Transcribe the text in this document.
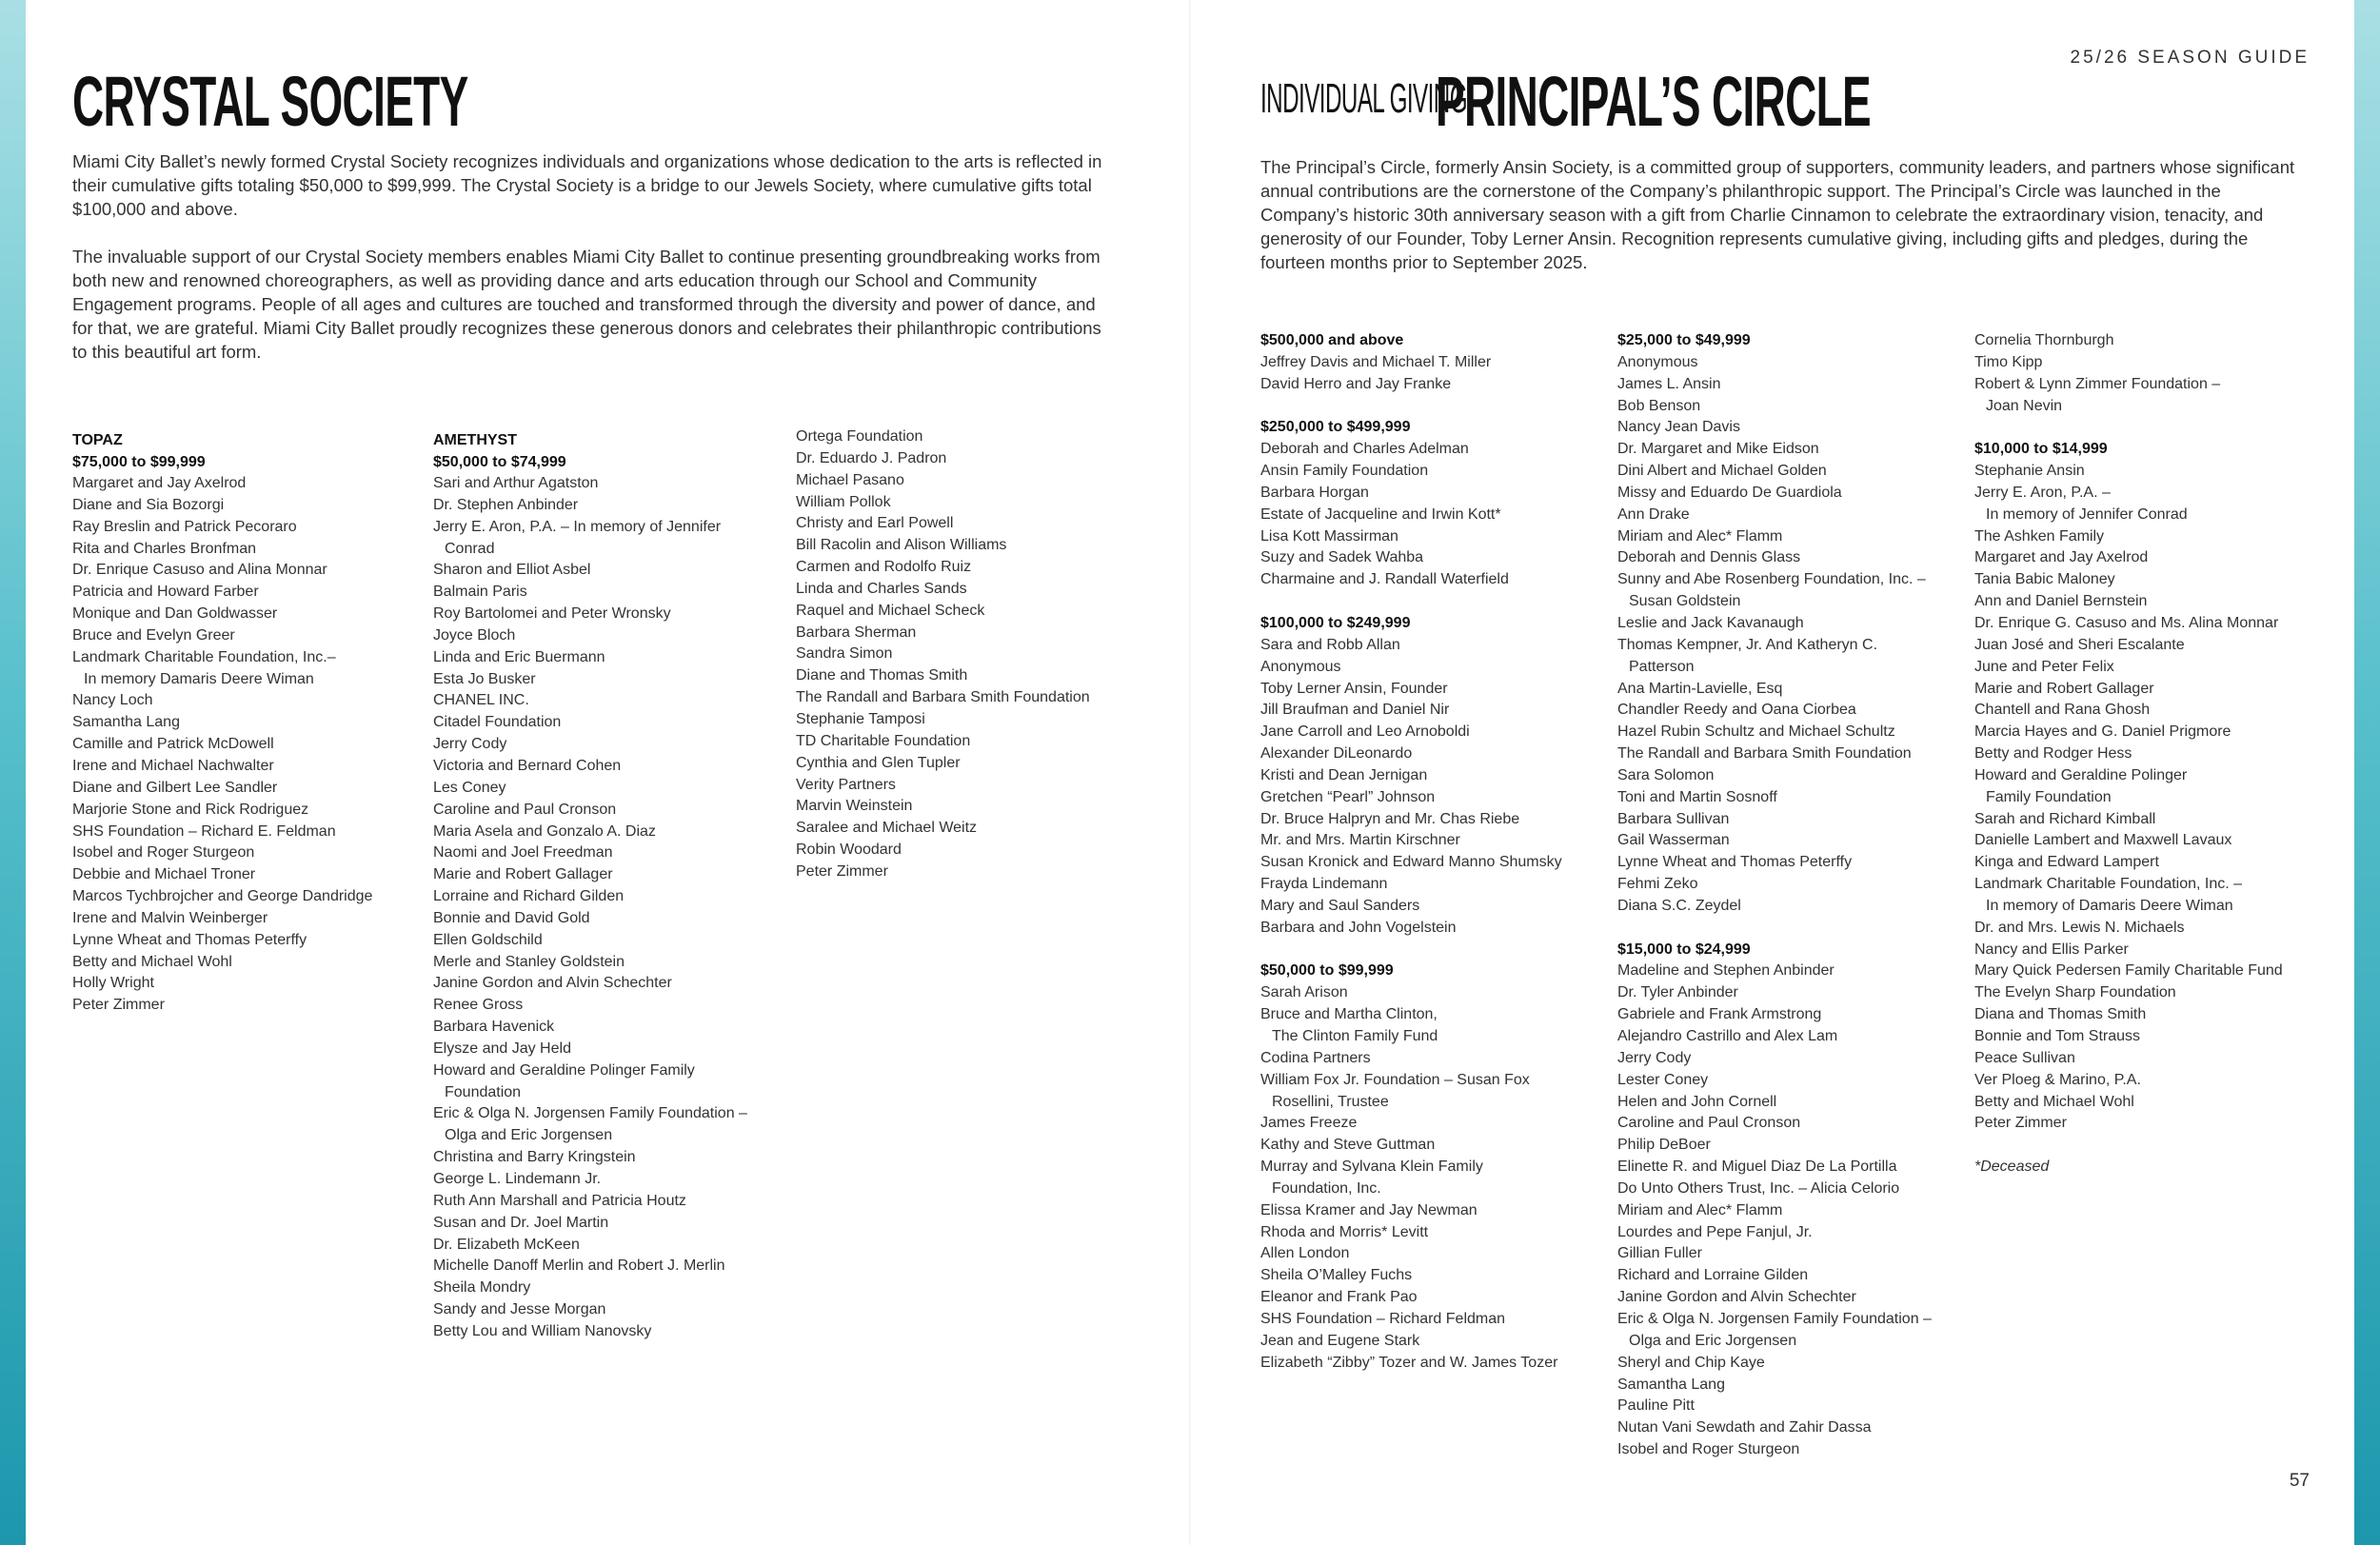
25/26 SEASON GUIDE
57
CRYSTAL SOCIETY

Miami City Ballet’s newly formed Crystal Society recognizes individuals and organizations whose dedication to the arts is reflected in their cumulative gifts totaling $50,000 to $99,999. The Crystal Society is a bridge to our Jewels Society, where cumulative gifts total $100,000 and above.

The invaluable support of our Crystal Society members enables Miami City Ballet to continue presenting groundbreaking works from both new and renowned choreographers, as well as providing dance and arts education through our School and Community Engagement programs. People of all ages and cultures are touched and transformed through the diversity and power of dance, and for that, we are grateful. Miami City Ballet proudly recognizes these generous donors and celebrates their philanthropic contributions to this beautiful art form.

TOPAZ
$75,000 to $99,999
Margaret and Jay Axelrod
Diane and Sia Bozorgi
Ray Breslin and Patrick Pecoraro
Rita and Charles Bronfman
Dr. Enrique Casuso and Alina Monnar
Patricia and Howard Farber
Monique and Dan Goldwasser
Bruce and Evelyn Greer
Landmark Charitable Foundation, Inc.–
In memory Damaris Deere Wiman
Nancy Loch
Samantha Lang
Camille and Patrick McDowell
Irene and Michael Nachwalter
Diane and Gilbert Lee Sandler
Marjorie Stone and Rick Rodriguez
SHS Foundation – Richard E. Feldman
Isobel and Roger Sturgeon
Debbie and Michael Troner
Marcos Tychbrojcher and George Dandridge
Irene and Malvin Weinberger
Lynne Wheat and Thomas Peterffy
Betty and Michael Wohl
Holly Wright
Peter Zimmer
AMETHYST
$50,000 to $74,999
Sari and Arthur Agatston
Dr. Stephen Anbinder
Jerry E. Aron, P.A. – In memory of Jennifer
Conrad
Sharon and Elliot Asbel
Balmain Paris
Roy Bartolomei and Peter Wronsky
Joyce Bloch
Linda and Eric Buermann
Esta Jo Busker
CHANEL INC.
Citadel Foundation
Jerry Cody
Victoria and Bernard Cohen
Les Coney
Caroline and Paul Cronson
Maria Asela and Gonzalo A. Diaz
Naomi and Joel Freedman
Marie and Robert Gallager
Lorraine and Richard Gilden
Bonnie and David Gold
Ellen Goldschild
Merle and Stanley Goldstein
Janine Gordon and Alvin Schechter
Renee Gross
Barbara Havenick
Elysze and Jay Held
Howard and Geraldine Polinger Family
Foundation
Eric & Olga N. Jorgensen Family Foundation –
Olga and Eric Jorgensen
Christina and Barry Kringstein
George L. Lindemann Jr.
Ruth Ann Marshall and Patricia Houtz
Susan and Dr. Joel Martin
Dr. Elizabeth McKeen
Michelle Danoff Merlin and Robert J. Merlin
Sheila Mondry
Sandy and Jesse Morgan
Betty Lou and William Nanovsky
Ortega Foundation
Dr. Eduardo J. Padron
Michael Pasano
William Pollok
Christy and Earl Powell
Bill Racolin and Alison Williams
Carmen and Rodolfo Ruiz
Linda and Charles Sands
Raquel and Michael Scheck
Barbara Sherman
Sandra Simon
Diane and Thomas Smith
The Randall and Barbara Smith Foundation
Stephanie Tamposi
TD Charitable Foundation
Cynthia and Glen Tupler
Verity Partners
Marvin Weinstein
Saralee and Michael Weitz
Robin Woodard
Peter Zimmer
INDIVIDUAL GIVING
PRINCIPAL’S CIRCLE

The Principal’s Circle, formerly Ansin Society, is a committed group of supporters, community leaders, and partners whose significant annual contributions are the cornerstone of the Company’s philanthropic support. The Principal’s Circle was launched in the Company’s historic 30th anniversary season with a gift from Charlie Cinnamon to celebrate the extraordinary vision, tenacity, and generosity of our Founder, Toby Lerner Ansin. Recognition represents cumulative giving, including gifts and pledges, during the fourteen months prior to September 2025.

$500,000 and above
Jeffrey Davis and Michael T. Miller
David Herro and Jay Franke
$250,000 to $499,999
Deborah and Charles Adelman
Ansin Family Foundation
Barbara Horgan
Estate of Jacqueline and Irwin Kott*
Lisa Kott Massirman
Suzy and Sadek Wahba
Charmaine and J. Randall Waterfield
$100,000 to $249,999
Sara and Robb Allan
Anonymous
Toby Lerner Ansin, Founder
Jill Braufman and Daniel Nir
Jane Carroll and Leo Arnoboldi
Alexander DiLeonardo
Kristi and Dean Jernigan
Gretchen “Pearl” Johnson
Dr. Bruce Halpryn and Mr. Chas Riebe
Mr. and Mrs. Martin Kirschner
Susan Kronick and Edward Manno Shumsky
Frayda Lindemann
Mary and Saul Sanders
Barbara and John Vogelstein
$50,000 to $99,999
Sarah Arison
Bruce and Martha Clinton,
The Clinton Family Fund
Codina Partners
William Fox Jr. Foundation – Susan Fox
Rosellini, Trustee
James Freeze
Kathy and Steve Guttman
Murray and Sylvana Klein Family
Foundation, Inc.
Elissa Kramer and Jay Newman
Rhoda and Morris* Levitt
Allen London
Sheila O’Malley Fuchs
Eleanor and Frank Pao
SHS Foundation – Richard Feldman
Jean and Eugene Stark
Elizabeth “Zibby” Tozer and W. James Tozer
$25,000 to $49,999
Anonymous
James L. Ansin
Bob Benson
Nancy Jean Davis
Dr. Margaret and Mike Eidson
Dini Albert and Michael Golden
Missy and Eduardo De Guardiola
Ann Drake
Miriam and Alec* Flamm
Deborah and Dennis Glass
Sunny and Abe Rosenberg Foundation, Inc. –
Susan Goldstein
Leslie and Jack Kavanaugh
Thomas Kempner, Jr. And Katheryn C.
Patterson
Ana Martin-Lavielle, Esq
Chandler Reedy and Oana Ciorbea
Hazel Rubin Schultz and Michael Schultz
The Randall and Barbara Smith Foundation
Sara Solomon
Toni and Martin Sosnoff
Barbara Sullivan
Gail Wasserman
Lynne Wheat and Thomas Peterffy
Fehmi Zeko
Diana S.C. Zeydel
$15,000 to $24,999
Madeline and Stephen Anbinder
Dr. Tyler Anbinder
Gabriele and Frank Armstrong
Alejandro Castrillo and Alex Lam
Jerry Cody
Lester Coney
Helen and John Cornell
Caroline and Paul Cronson
Philip DeBoer
Elinette R. and Miguel Diaz De La Portilla
Do Unto Others Trust, Inc. – Alicia Celorio
Miriam and Alec* Flamm
Lourdes and Pepe Fanjul, Jr.
Gillian Fuller
Richard and Lorraine Gilden
Janine Gordon and Alvin Schechter
Eric & Olga N. Jorgensen Family Foundation –
Olga and Eric Jorgensen
Sheryl and Chip Kaye
Samantha Lang
Pauline Pitt
Nutan Vani Sewdath and Zahir Dassa
Isobel and Roger Sturgeon
Cornelia Thornburgh
Timo Kipp
Robert & Lynn Zimmer Foundation –
Joan Nevin
$10,000 to $14,999
Stephanie Ansin
Jerry E. Aron, P.A. –
In memory of Jennifer Conrad
The Ashken Family
Margaret and Jay Axelrod
Tania Babic Maloney
Ann and Daniel Bernstein
Dr. Enrique G. Casuso and Ms. Alina Monnar
Juan José and Sheri Escalante
June and Peter Felix
Marie and Robert Gallager
Chantell and Rana Ghosh
Marcia Hayes and G. Daniel Prigmore
Betty and Rodger Hess
Howard and Geraldine Polinger
Family Foundation
Sarah and Richard Kimball
Danielle Lambert and Maxwell Lavaux
Kinga and Edward Lampert
Landmark Charitable Foundation, Inc. –
In memory of Damaris Deere Wiman
Dr. and Mrs. Lewis N. Michaels
Nancy and Ellis Parker
Mary Quick Pedersen Family Charitable Fund
The Evelyn Sharp Foundation
Diana and Thomas Smith
Bonnie and Tom Strauss
Peace Sullivan
Ver Ploeg & Marino, P.A.
Betty and Michael Wohl
Peter Zimmer
*Deceased
